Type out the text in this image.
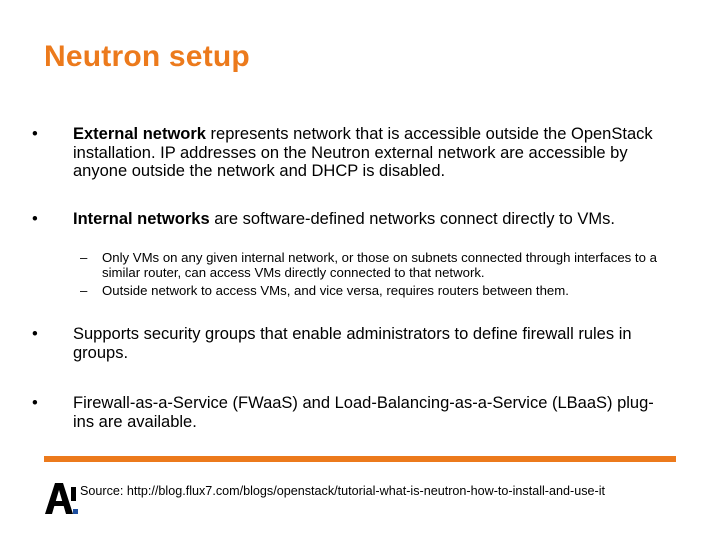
Neutron setup
• External network represents network that is accessible outside the OpenStack installation. IP addresses on the Neutron external network are accessible by anyone outside the network and DHCP is disabled.
• Internal networks are software-defined networks connect directly to VMs.
– Only VMs on any given internal network, or those on subnets connected through interfaces to a similar router, can access VMs directly connected to that network.
– Outside network to access VMs, and vice versa, requires routers between them.
• Supports security groups that enable administrators to define firewall rules in groups.
• Firewall-as-a-Service (FWaaS) and Load-Balancing-as-a-Service (LBaaS) plug-ins are available.
Source: http://blog.flux7.com/blogs/openstack/tutorial-what-is-neutron-how-to-install-and-use-it
